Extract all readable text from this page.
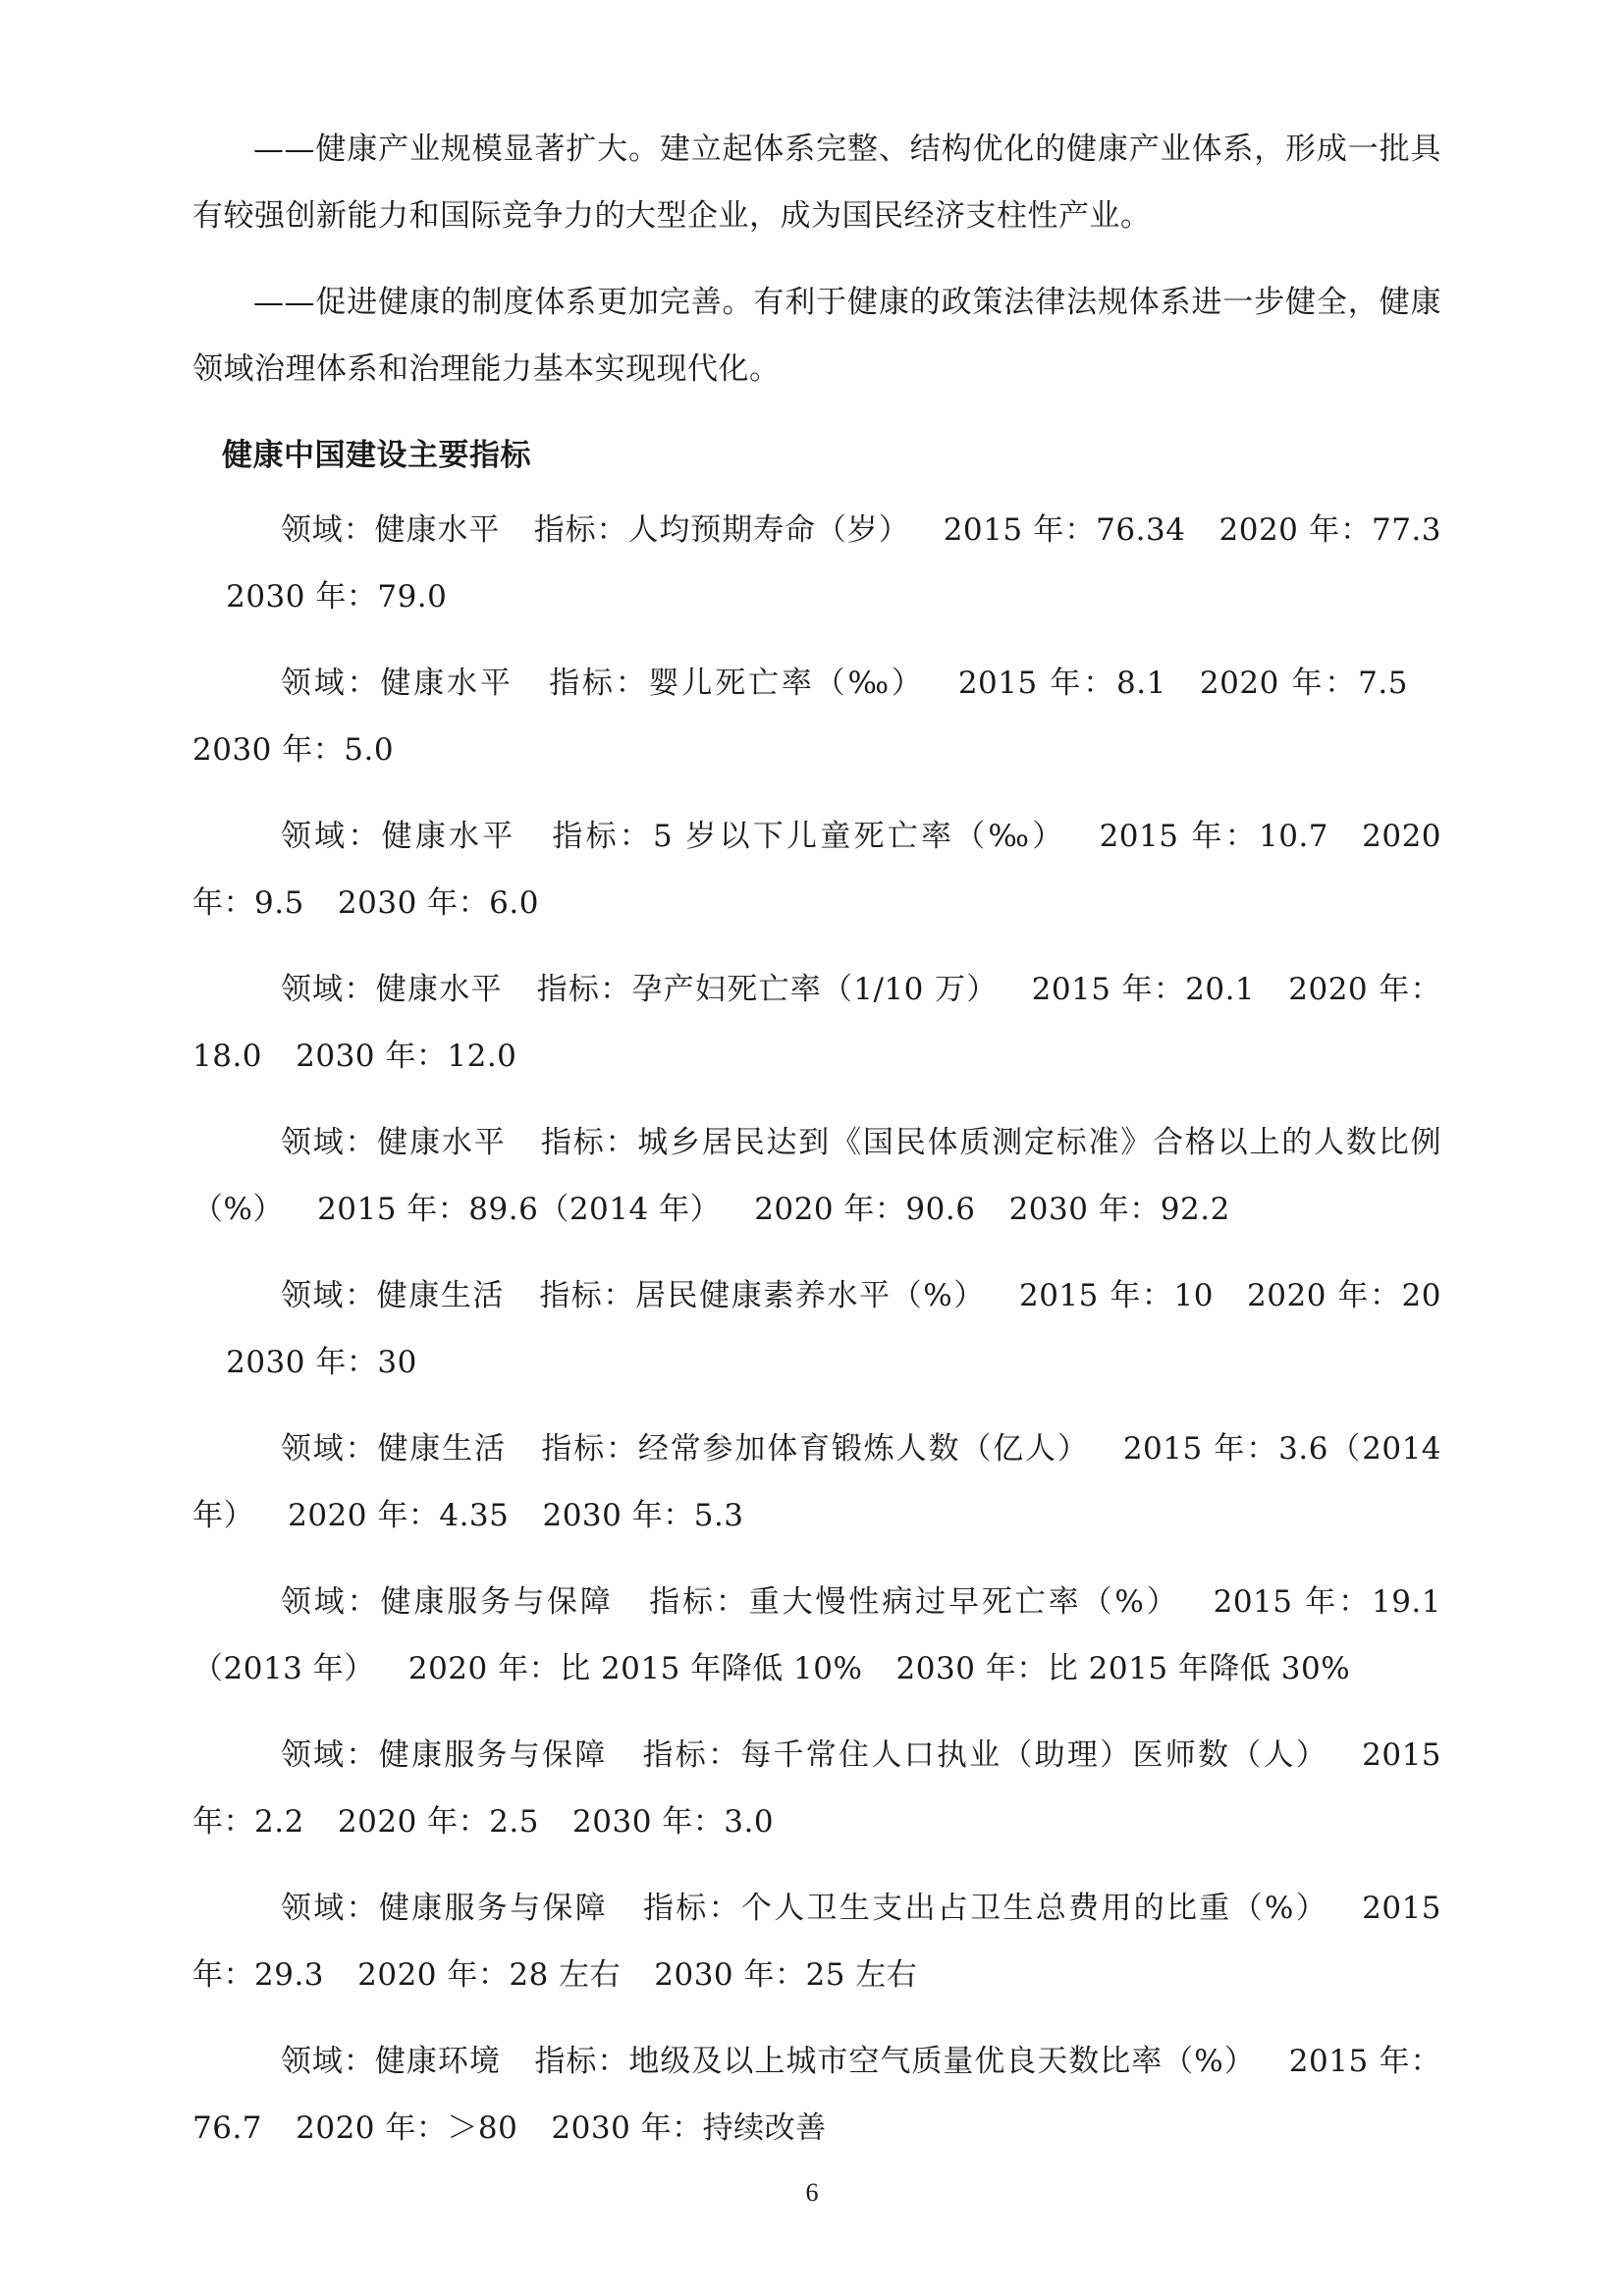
——健康产业规模显著扩大。建立起体系完整、结构优化的健康产业体系，形成一批具有较强创新能力和国际竞争力的大型企业，成为国民经济支柱性产业。

——促进健康的制度体系更加完善。有利于健康的政策法律法规体系进一步健全，健康领域治理体系和治理能力基本实现现代化。

健康中国建设主要指标

领域：健康水平 指标：人均预期寿命（岁） 2015 年：76.34 2020 年：77.32030 年：79.0

领域：健康水平 指标：婴儿死亡率（‰） 2015 年：8.1 2020 年：7.52030 年：5.0

领域：健康水平 指标：5 岁以下儿童死亡率（‰） 2015 年：10.7 2020 年：9.5 2030 年：6.0

领域：健康水平 指标：孕产妇死亡率（1/10 万） 2015 年：20.1 2020 年：18.0 2030 年：12.0

领域：健康水平 指标：城乡居民达到《国民体质测定标准》合格以上的人数比例（%） 2015 年：89.6（2014 年） 2020 年：90.6 2030 年：92.2

领域：健康生活 指标：居民健康素养水平（%） 2015 年：10 2020 年：202030 年：30

领域：健康生活 指标：经常参加体育锻炼人数（亿人） 2015 年：3.6（2014 年） 2020 年：4.35 2030 年：5.3

领域：健康服务与保障 指标：重大慢性病过早死亡率（%） 2015 年：19.1（2013 年） 2020 年：比 2015 年降低 10% 2030 年：比 2015 年降低 30%

领域：健康服务与保障 指标：每千常住人口执业（助理）医师数（人） 2015 年：2.2 2020 年：2.5 2030 年：3.0

领域：健康服务与保障 指标：个人卫生支出占卫生总费用的比重（%） 2015 年：29.3 2020 年：28 左右 2030 年：25 左右

领域：健康环境 指标：地级及以上城市空气质量优良天数比率（%） 2015 年：76.7 2020 年：＞80 2030 年：持续改善

6
